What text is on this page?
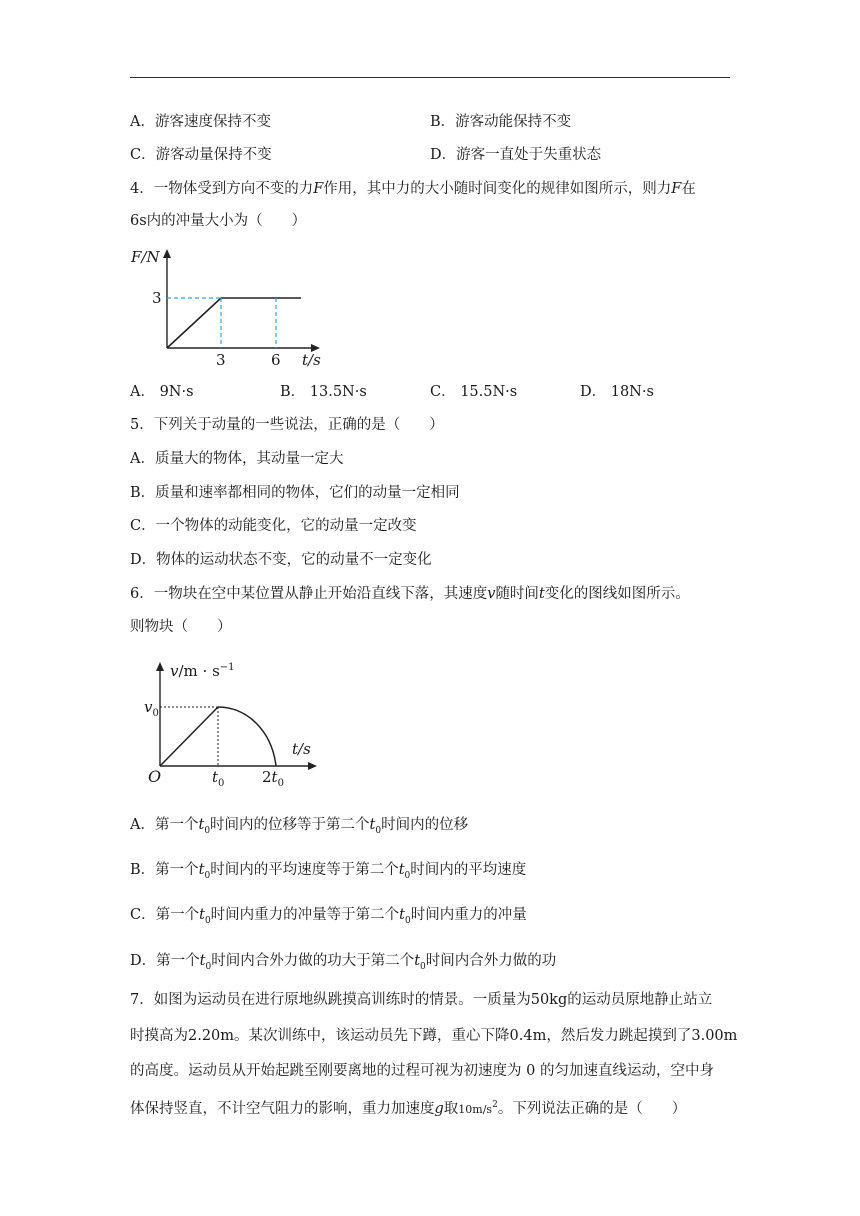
A．游客速度保持不变	B．游客动能保持不变
C．游客动量保持不变	D．游客一直处于失重状态
4．一物体受到方向不变的力F作用，其中力的大小随时间变化的规律如图所示，则力F在
6s内的冲量大小为（　　）
F/N
3
3	6 t/s
A． 9N·s	B． 13.5N·s	C． 15.5N·s	D． 18N·s
5．下列关于动量的一些说法，正确的是（　　）
A．质量大的物体，其动量一定大
B．质量和速率都相同的物体，它们的动量一定相同
C．一个物体的动能变化，它的动量一定改变
D．物体的运动状态不变，它的动量不一定变化
6．一物块在空中某位置从静止开始沿直线下落，其速度v随时间t变化的图线如图所示。
则物块（　　）
$v/m \cdot s^{-1}$
$v_0$
O	$t_0$	$2t_0$
t/s
A．第一个$t_0$时间内的位移等于第二个$t_0$时间内的位移
B．第一个$t_0$时间内的平均速度等于第二个$t_0$时间内的平均速度
C．第一个$t_0$时间内重力的冲量等于第二个$t_0$时间内重力的冲量
D．第一个$t_0$时间内合外力做的功大于第二个$t_0$时间内合外力做的功
7．如图为运动员在进行原地纵跳摸高训练时的情景。一质量为50kg的运动员原地静止站立
时摸高为2.20m。某次训练中，该运动员先下蹲，重心下降0.4m，然后发力跳起摸到了3.00m
的高度。运动员从开始起跳至刚要离地的过程可视为初速度为 0 的匀加速直线运动，空中身
体保持竖直，不计空气阻力的影响，重力加速度g取$10m/s^2$。下列说法正确的是（　　）
